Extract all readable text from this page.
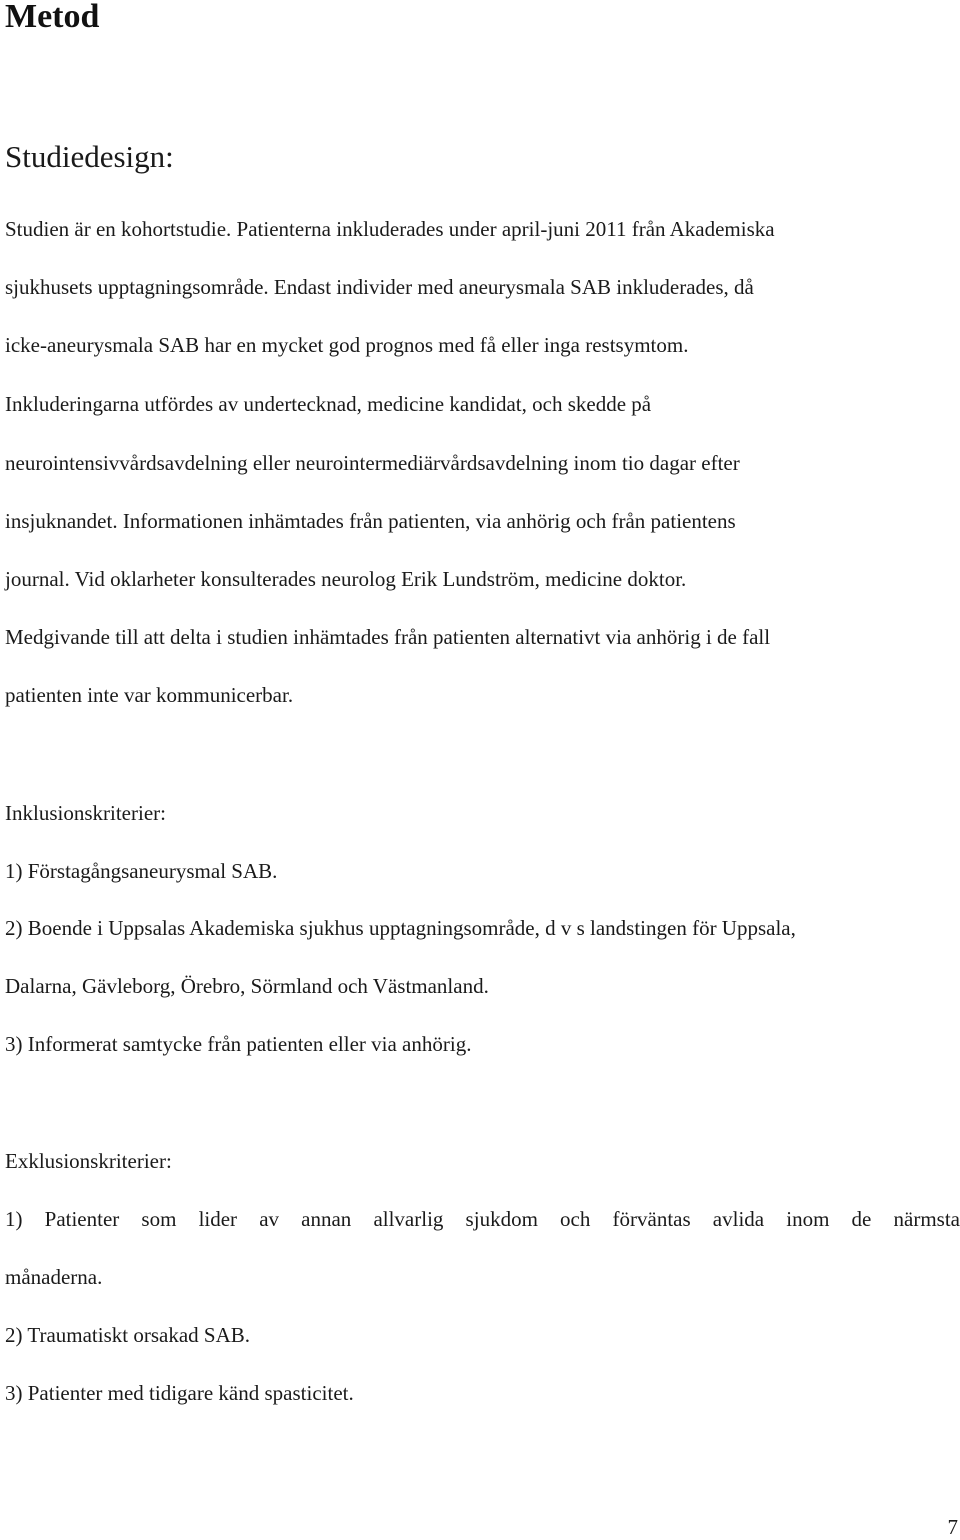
Metod
Studiedesign:

Studien är en kohortstudie. Patienterna inkluderades under april-juni 2011 från Akademiska

sjukhusets upptagningsområde. Endast individer med aneurysmala SAB inkluderades, då

icke-aneurysmala SAB har en mycket god prognos med få eller inga restsymtom.

Inkluderingarna utfördes av undertecknad, medicine kandidat, och skedde på

neurointensivvårdsavdelning eller neurointermediärvårdsavdelning inom tio dagar efter

insjuknandet. Informationen inhämtades från patienten, via anhörig och från patientens

journal. Vid oklarheter konsulterades neurolog Erik Lundström, medicine doktor.

Medgivande till att delta i studien inhämtades från patienten alternativt via anhörig i de fall

patienten inte var kommunicerbar.

Inklusionskriterier:

1) Förstagångsaneurysmal SAB.

2) Boende i Uppsalas Akademiska sjukhus upptagningsområde, d v s landstingen för Uppsala,

Dalarna, Gävleborg, Örebro, Sörmland och Västmanland.

3) Informerat samtycke från patienten eller via anhörig.

Exklusionskriterier:

1) Patienter som lider av annan allvarlig sjukdom och förväntas avlida inom de närmsta

månaderna.

2) Traumatiskt orsakad SAB.

3) Patienter med tidigare känd spasticitet.

7
